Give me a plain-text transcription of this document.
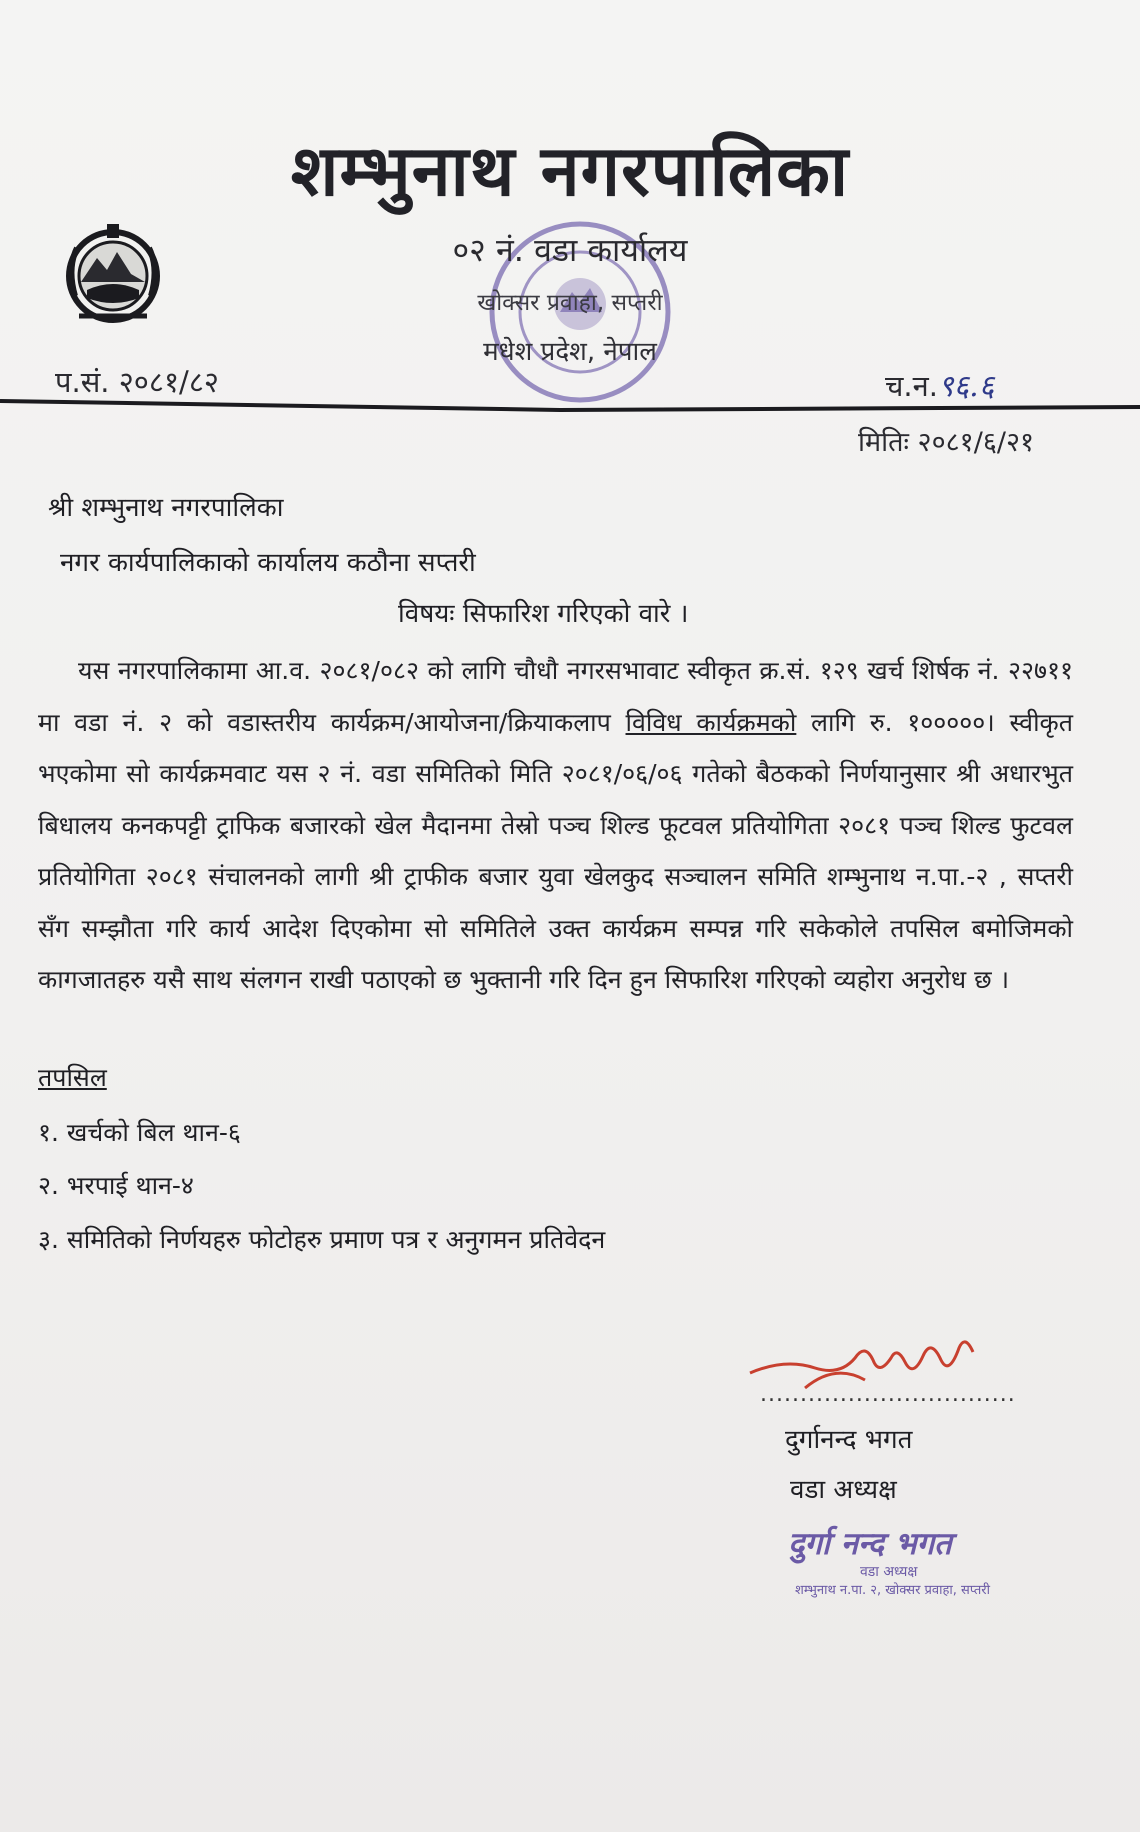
शम्भुनाथ नगरपालिका
०२ नं. वडा कार्यालय
खोक्सर प्रवाहा, सप्तरी
मधेश प्रदेश, नेपाल
प.सं. २०८१/८२	च.न.९६.६
मितिः २०८१/६/२१
श्री शम्भुनाथ नगरपालिका
नगर कार्यपालिकाको कार्यालय कठौना सप्तरी
विषयः सिफारिश गरिएको वारे ।
यस नगरपालिकामा आ.व. २०८१/०८२ को लागि चौधौ नगरसभावाट स्वीकृत क्र.सं. १२९ खर्च शिर्षक नं. २२७११ मा वडा नं. २ को वडास्तरीय कार्यक्रम/आयोजना/क्रियाकलाप विविध कार्यक्रमको लागि रु. १०००००। स्वीकृत भएकोमा सो कार्यक्रमवाट यस २ नं. वडा समितिको मिति २०८१/०६/०६ गतेको बैठकको निर्णयानुसार श्री अधारभुत बिधालय कनकपट्टी ट्राफिक बजारको खेल मैदानमा तेस्रो पञ्च शिल्ड फूटवल प्रतियोगिता २०८१ पञ्च शिल्ड फुटवल प्रतियोगिता २०८१ संचालनको लागी श्री ट्राफीक बजार युवा खेलकुद सञ्चालन समिति शम्भुनाथ न.पा.-२ , सप्तरी सँग सम्झौता गरि कार्य आदेश दिएकोमा सो समितिले उक्त कार्यक्रम सम्पन्न गरि सकेकोले तपसिल बमोजिमको कागजातहरु यसै साथ संलगन राखी पठाएको छ भुक्तानी गरि दिन हुन सिफारिश गरिएको व्यहोरा अनुरोध छ ।
तपसिल
१. खर्चको बिल थान-६
२. भरपाई थान-४
३. समितिको निर्णयहरु फोटोहरु प्रमाण पत्र र अनुगमन प्रतिवेदन
................................
दुर्गानन्द भगत
वडा अध्यक्ष
दुर्गा नन्द भगत
वडा अध्यक्ष
शम्भुनाथ न.पा. २, खोक्सर प्रवाहा, सप्तरी
